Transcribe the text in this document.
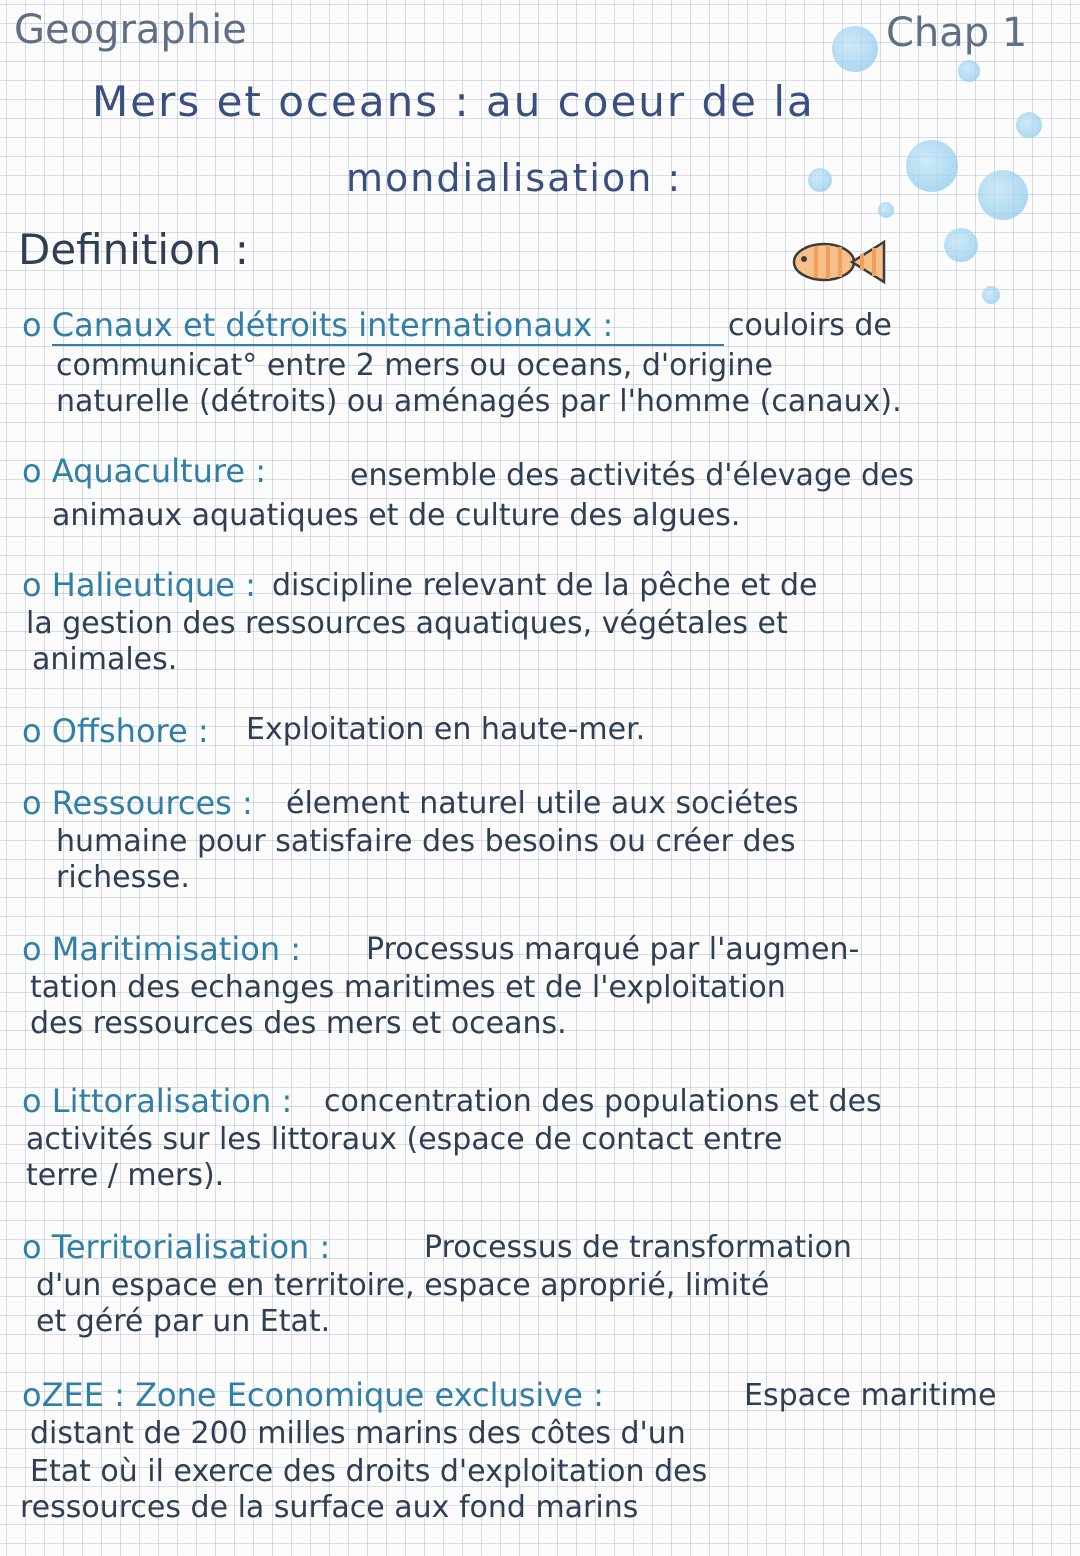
Geographie	Chap 1
Mers et oceans : au coeur de la
mondialisation :
Definition :
o Canaux et détroits internationaux :	couloirs de
communicat° entre 2 mers ou oceans, d'origine
naturelle (détroits) ou aménagés par l'homme (canaux).
o Aquaculture :	ensemble des activités d'élevage des
animaux aquatiques et de culture des algues.
o Halieutique : discipline relevant de la pêche et de
la gestion des ressources aquatiques, végétales et
animales.
o Offshore : Exploitation en haute-mer.
o Ressources : élement naturel utile aux sociétes
humaine pour satisfaire des besoins ou créer des
richesse.
o Maritimisation : Processus marqué par l'augmen-
tation des echanges maritimes et de l'exploitation
des ressources des mers et oceans.
o Littoralisation : concentration des populations et des
activités sur les littoraux (espace de contact entre
terre / mers).
o Territorialisation :	Processus de transformation
d'un espace en territoire, espace aproprié, limité
et géré par un Etat.
oZEE : Zone Economique exclusive :	Espace maritime
distant de 200 milles marins des côtes d'un
Etat où il exerce des droits d'exploitation des
ressources de la surface aux fond marins
